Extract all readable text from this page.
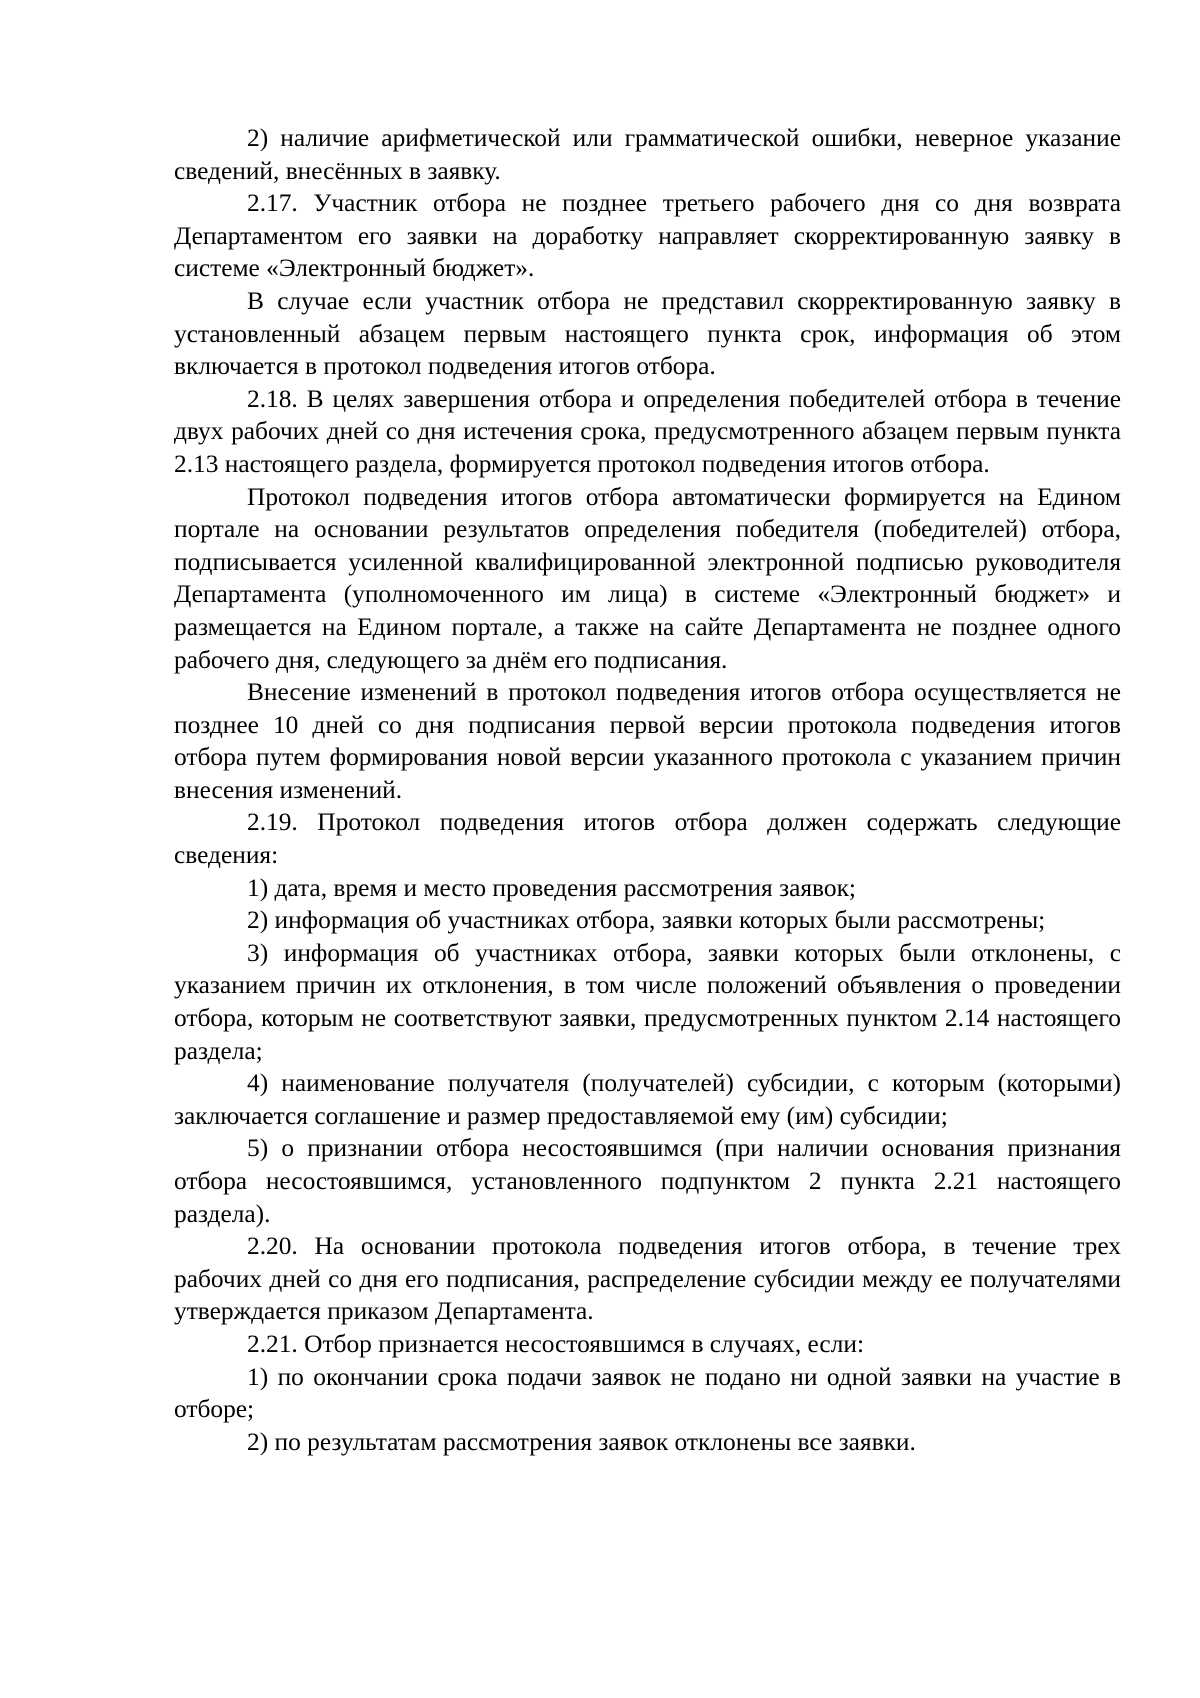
2) наличие арифметической или грамматической ошибки, неверное указание сведений, внесённых в заявку.

2.17. Участник отбора не позднее третьего рабочего дня со дня возврата Департаментом его заявки на доработку направляет скорректированную заявку в системе «Электронный бюджет».

В случае если участник отбора не представил скорректированную заявку в установленный абзацем первым настоящего пункта срок, информация об этом включается в протокол подведения итогов отбора.

2.18. В целях завершения отбора и определения победителей отбора в течение двух рабочих дней со дня истечения срока, предусмотренного абзацем первым пункта 2.13 настоящего раздела, формируется протокол подведения итогов отбора.

Протокол подведения итогов отбора автоматически формируется на Едином портале на основании результатов определения победителя (победителей) отбора, подписывается усиленной квалифицированной электронной подписью руководителя Департамента (уполномоченного им лица) в системе «Электронный бюджет» и размещается на Едином портале, а также на сайте Департамента не позднее одного рабочего дня, следующего за днём его подписания.

Внесение изменений в протокол подведения итогов отбора осуществляется не позднее 10 дней со дня подписания первой версии протокола подведения итогов отбора путем формирования новой версии указанного протокола с указанием причин внесения изменений.

2.19. Протокол подведения итогов отбора должен содержать следующие сведения:

1) дата, время и место проведения рассмотрения заявок;

2) информация об участниках отбора, заявки которых были рассмотрены;

3) информация об участниках отбора, заявки которых были отклонены, с указанием причин их отклонения, в том числе положений объявления о проведении отбора, которым не соответствуют заявки, предусмотренных пунктом 2.14 настоящего раздела;

4) наименование получателя (получателей) субсидии, с которым (которыми) заключается соглашение и размер предоставляемой ему (им) субсидии;

5) о признании отбора несостоявшимся (при наличии основания признания отбора несостоявшимся, установленного подпунктом 2 пункта 2.21 настоящего раздела).

2.20. На основании протокола подведения итогов отбора, в течение трех рабочих дней со дня его подписания, распределение субсидии между ее получателями утверждается приказом Департамента.

2.21. Отбор признается несостоявшимся в случаях, если:

1) по окончании срока подачи заявок не подано ни одной заявки на участие в отборе;

2) по результатам рассмотрения заявок отклонены все заявки.
